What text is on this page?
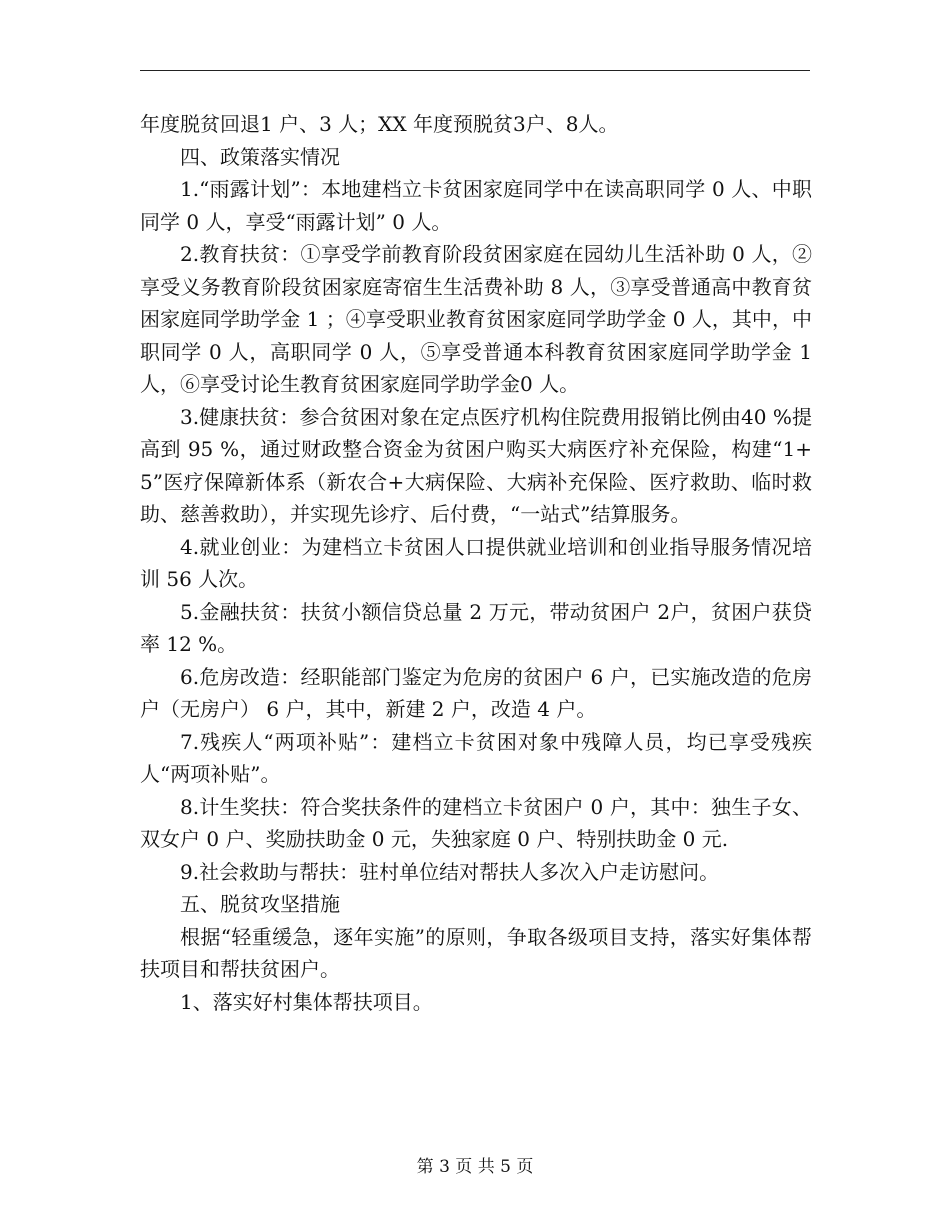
年度脱贫回退1 户、3 人；XX 年度预脱贫3户、8人。

四、政策落实情况

1.“雨露计划”：本地建档立卡贫困家庭同学中在读高职同学 0 人、中职同学 0 人，享受“雨露计划” 0 人。

2.教育扶贫：①享受学前教育阶段贫困家庭在园幼儿生活补助 0 人，②享受义务教育阶段贫困家庭寄宿生生活费补助 8 人，③享受普通高中教育贫困家庭同学助学金 1 ；④享受职业教育贫困家庭同学助学金 0 人，其中，中职同学 0 人，高职同学 0 人，⑤享受普通本科教育贫困家庭同学助学金 1 人，⑥享受讨论生教育贫困家庭同学助学金0 人。

3.健康扶贫：参合贫困对象在定点医疗机构住院费用报销比例由40 %提高到 95 %，通过财政整合资金为贫困户购买大病医疗补充保险，构建“1+5”医疗保障新体系（新农合+大病保险、大病补充保险、医疗救助、临时救助、慈善救助），并实现先诊疗、后付费，“一站式”结算服务。

4.就业创业：为建档立卡贫困人口提供就业培训和创业指导服务情况培训 56 人次。

5.金融扶贫：扶贫小额信贷总量 2 万元，带动贫困户 2户，贫困户获贷率 12 %。

6.危房改造：经职能部门鉴定为危房的贫困户 6 户，已实施改造的危房户（无房户） 6 户，其中，新建 2 户，改造 4 户。

7.残疾人“两项补贴”：建档立卡贫困对象中残障人员，均已享受残疾人“两项补贴”。

8.计生奖扶：符合奖扶条件的建档立卡贫困户 0 户，其中：独生子女、双女户 0 户、奖励扶助金 0 元，失独家庭 0 户、特别扶助金 0 元.

9.社会救助与帮扶：驻村单位结对帮扶人多次入户走访慰问。

五、脱贫攻坚措施

根据“轻重缓急，逐年实施”的原则，争取各级项目支持，落实好集体帮扶项目和帮扶贫困户。

1、落实好村集体帮扶项目。

第 3 页 共 5 页
